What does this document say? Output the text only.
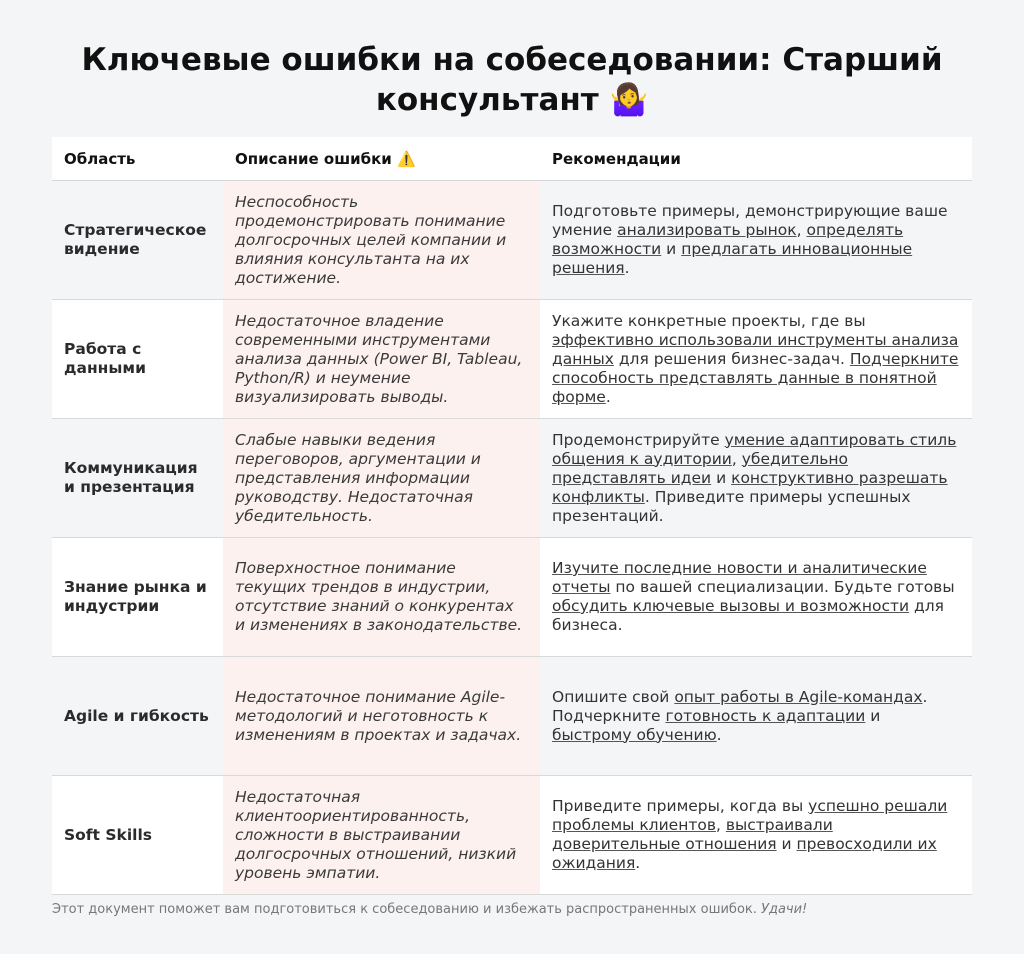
Ключевые ошибки на собеседовании: Старший консультант 🤷‍♀️
Область	Описание ошибки ⚠️	Рекомендации
Стратегическое видение	Неспособность продемонстрировать понимание долгосрочных целей компании и влияния консультанта на их достижение.	Подготовьте примеры, демонстрирующие ваше умение анализировать рынок, определять возможности и предлагать инновационные решения.
Работа с данными	Недостаточное владение современными инструментами анализа данных (Power BI, Tableau, Python/R) и неумение визуализировать выводы.	Укажите конкретные проекты, где вы эффективно использовали инструменты анализа данных для решения бизнес-задач. Подчеркните способность представлять данные в понятной форме.
Коммуникация и презентация	Слабые навыки ведения переговоров, аргументации и представления информации руководству. Недостаточная убедительность.	Продемонстрируйте умение адаптировать стиль общения к аудитории, убедительно представлять идеи и конструктивно разрешать конфликты. Приведите примеры успешных презентаций.
Знание рынка и индустрии	Поверхностное понимание текущих трендов в индустрии, отсутствие знаний о конкурентах и изменениях в законодательстве.	Изучите последние новости и аналитические отчеты по вашей специализации. Будьте готовы обсудить ключевые вызовы и возможности для бизнеса.
Agile и гибкость	Недостаточное понимание Agile-методологий и неготовность к изменениям в проектах и задачах.	Опишите свой опыт работы в Agile-командах. Подчеркните готовность к адаптации и быстрому обучению.
Soft Skills	Недостаточная клиентоориентированность, сложности в выстраивании долгосрочных отношений, низкий уровень эмпатии.	Приведите примеры, когда вы успешно решали проблемы клиентов, выстраивали доверительные отношения и превосходили их ожидания.
Этот документ поможет вам подготовиться к собеседованию и избежать распространенных ошибок. Удачи!
